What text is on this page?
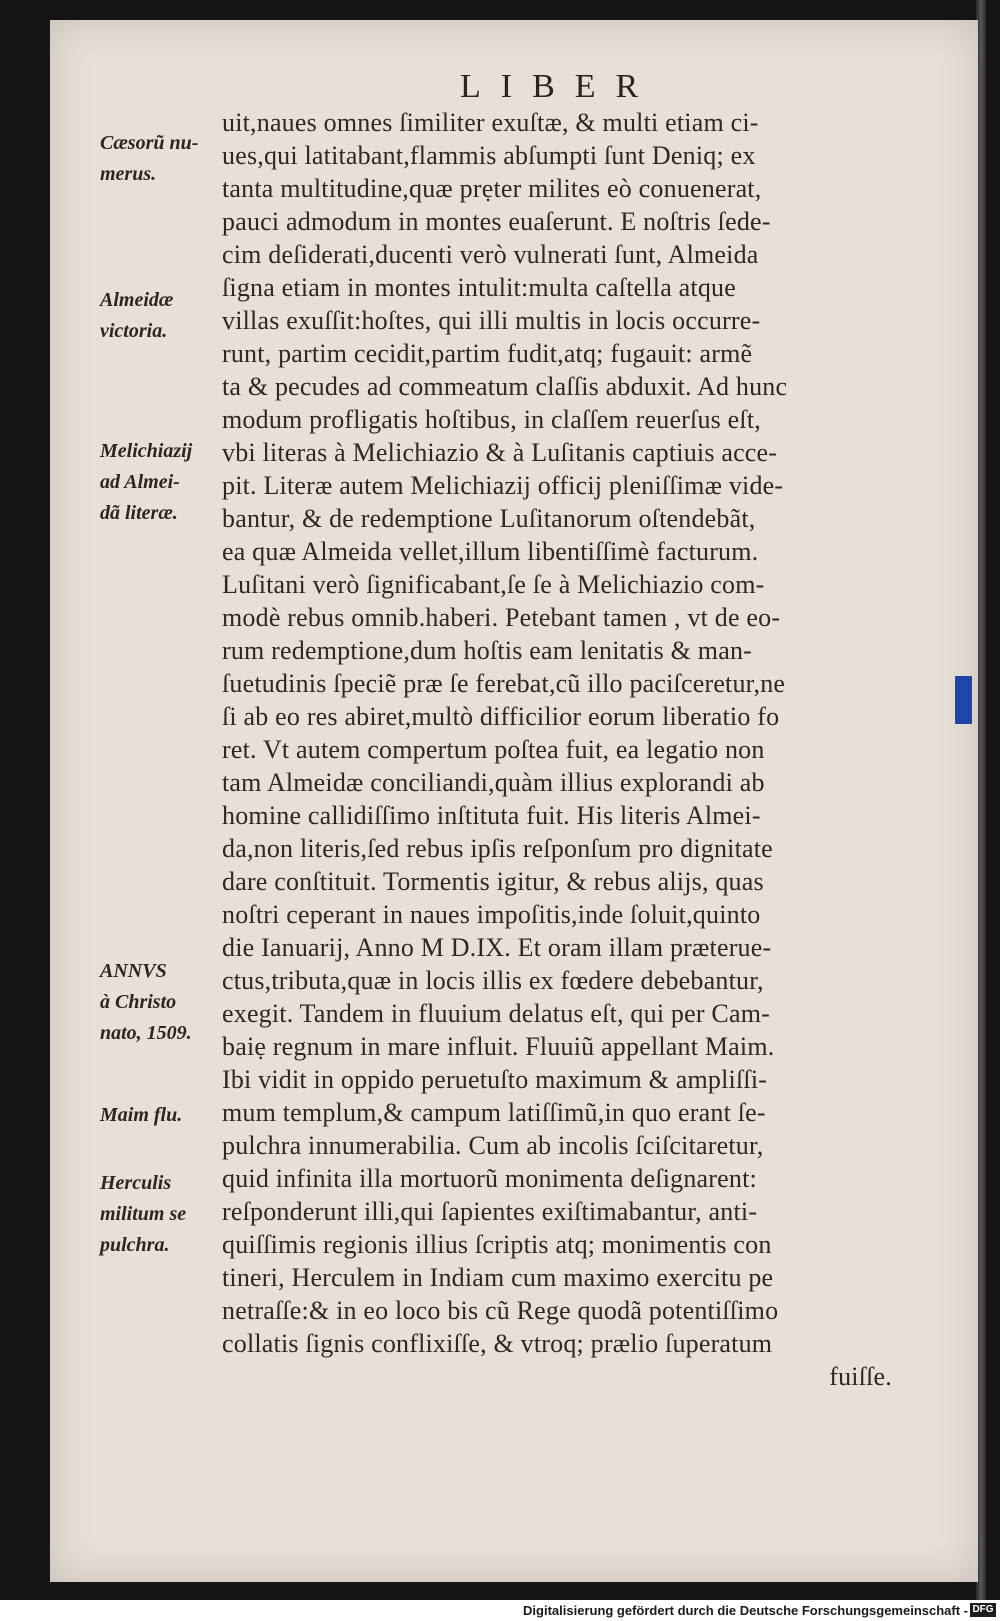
LIBER
Cæsorũ nu-
merus.
Almeidæ
victoria.
Melichiazij
ad Almei-
dã literæ.
ANNVS
à Christo
nato, 1509.
Maim flu.
Herculis
militum se
pulchra.
uit,naues omnes ſimiliter exuſtæ, & multi etiam ci-
ues,qui latitabant,flammis abſumpti ſunt Deniq; ex
tanta multitudine,quæ prẹter milites eò conuenerat,
pauci admodum in montes euaſerunt. E noſtris ſede-
cim deſiderati,ducenti verò vulnerati ſunt, Almeida
ſigna etiam in montes intulit:multa caſtella atque
villas exuſſit:hoſtes, qui illi multis in locis occurre-
runt, partim cecidit,partim fudit,atq; fugauit: armẽ
ta & pecudes ad commeatum claſſis abduxit. Ad hunc
modum profligatis hoſtibus, in claſſem reuerſus eſt,
vbi literas à Melichiazio & à Luſitanis captiuis acce-
pit. Literæ autem Melichiazij officij pleniſſimæ vide-
bantur, & de redemptione Luſitanorum oſtendebãt,
ea quæ Almeida vellet,illum libentiſſimè facturum.
Luſitani verò ſignificabant,ſe ſe à Melichiazio com-
modè rebus omnib.haberi. Petebant tamen , vt de eo-
rum redemptione,dum hoſtis eam lenitatis & man-
ſuetudinis ſpeciẽ præ ſe ferebat,cũ illo paciſceretur,ne
ſi ab eo res abiret,multò difficilior eorum liberatio fo
ret. Vt autem compertum poſtea fuit, ea legatio non
tam Almeidæ conciliandi,quàm illius explorandi ab
homine callidiſſimo inſtituta fuit. His literis Almei-
da,non literis,ſed rebus ipſis reſponſum pro dignitate
dare conſtituit. Tormentis igitur, & rebus alijs, quas
noſtri ceperant in naues impoſitis,inde ſoluit,quinto
die Ianuarij, Anno M D.IX. Et oram illam præterue-
ctus,tributa,quæ in locis illis ex fœdere debebantur,
exegit. Tandem in fluuium delatus eſt, qui per Cam-
baiẹ regnum in mare influit. Fluuiũ appellant Maim.
Ibi vidit in oppido peruetuſto maximum & ampliſſi-
mum templum,& campum latiſſimũ,in quo erant ſe-
pulchra innumerabilia. Cum ab incolis ſciſcitaretur,
quid infinita illa mortuorũ monimenta deſignarent:
reſponderunt illi,qui ſapientes exiſtimabantur, anti-
quiſſimis regionis illius ſcriptis atq; monimentis con
tineri, Herculem in Indiam cum maximo exercitu pe
netraſſe:& in eo loco bis cũ Rege quodã potentiſſimo
collatis ſignis conflixiſſe, & vtroq; prælio ſuperatum
fuiſſe.
Digitalisierung gefördert durch die Deutsche Forschungsgemeinschaft - DFG
